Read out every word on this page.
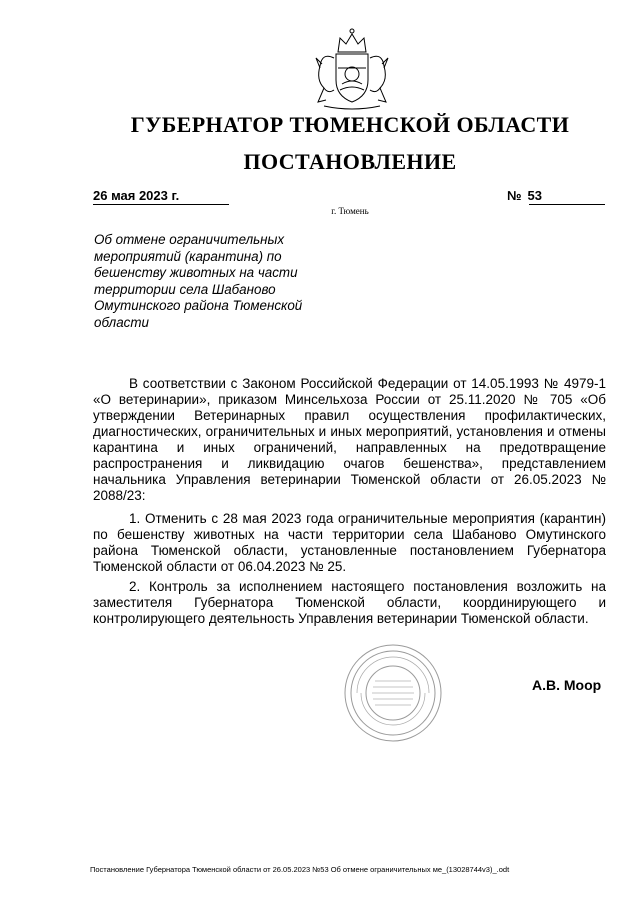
ГУБЕРНАТОР ТЮМЕНСКОЙ ОБЛАСТИ
ПОСТАНОВЛЕНИЕ
26 мая 2023 г.	№ 53
г. Тюмень
Об отмене ограничительных мероприятий (карантина) по бешенству животных на части территории села Шабаново Омутинского района Тюменской области
В соответствии с Законом Российской Федерации от 14.05.1993 № 4979-1 «О ветеринарии», приказом Минсельхоза России от 25.11.2020 № 705 «Об утверждении Ветеринарных правил осуществления профилактических, диагностических, ограничительных и иных мероприятий, установления и отмены карантина и иных ограничений, направленных на предотвращение распространения и ликвидацию очагов бешенства», представлением начальника Управления ветеринарии Тюменской области от 26.05.2023 № 2088/23:
1. Отменить с 28 мая 2023 года ограничительные мероприятия (карантин) по бешенству животных на части территории села Шабаново Омутинского района Тюменской области, установленные постановлением Губернатора Тюменской области от 06.04.2023 № 25.
2. Контроль за исполнением настоящего постановления возложить на заместителя Губернатора Тюменской области, координирующего и контролирующего деятельность Управления ветеринарии Тюменской области.
А.В. Моор
Постановление Губернатора Тюменской области от 26.05.2023 №53 Об отмене ограничительных ме_(13028744v3)_.odt
